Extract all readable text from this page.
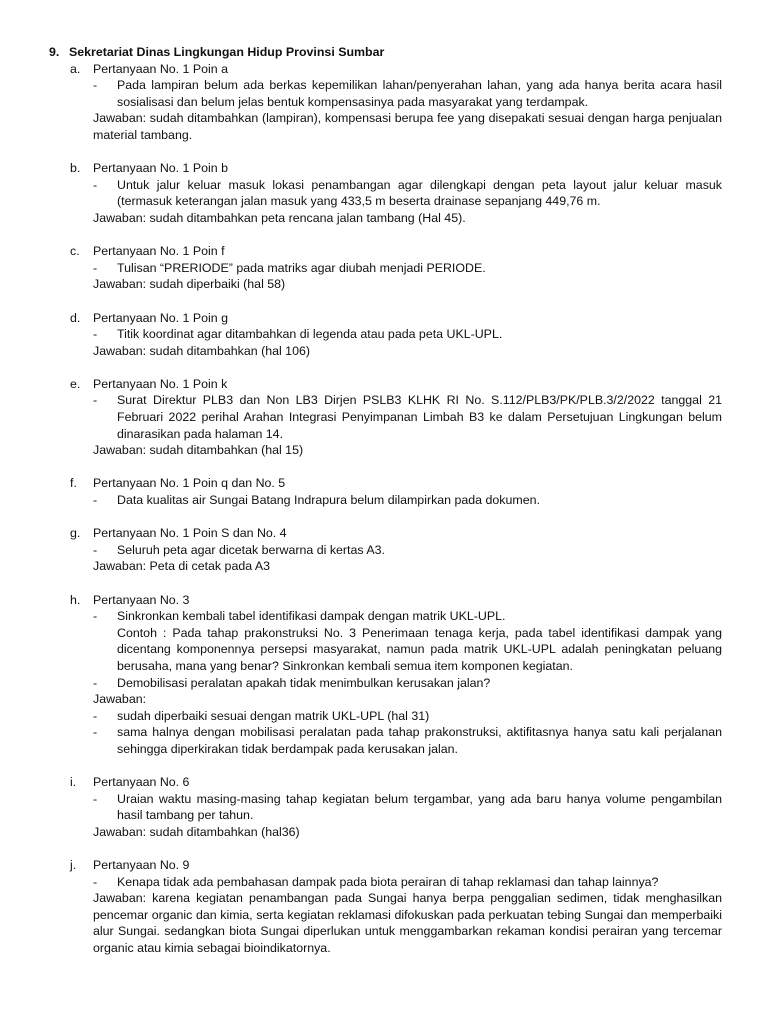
9. Sekretariat Dinas Lingkungan Hidup Provinsi Sumbar
a.	Pertanyaan No. 1 Poin a
-	Pada lampiran belum ada berkas kepemilikan lahan/penyerahan lahan, yang ada hanya berita acara hasil sosialisasi dan belum jelas bentuk kompensasinya pada masyarakat yang terdampak.
Jawaban: sudah ditambahkan (lampiran), kompensasi berupa fee yang disepakati sesuai dengan harga penjualan material tambang.
b.	Pertanyaan No. 1 Poin b
-	Untuk jalur keluar masuk lokasi penambangan agar dilengkapi dengan peta layout jalur keluar masuk (termasuk keterangan jalan masuk yang 433,5 m beserta drainase sepanjang 449,76 m.
Jawaban: sudah ditambahkan peta rencana jalan tambang (Hal 45).
c.	Pertanyaan No. 1 Poin f
-	Tulisan “PRERIODE” pada matriks agar diubah menjadi PERIODE.
Jawaban: sudah diperbaiki (hal 58)
d.	Pertanyaan No. 1 Poin g
-	Titik koordinat agar ditambahkan di legenda atau pada peta UKL-UPL.
Jawaban: sudah ditambahkan (hal 106)
e.	Pertanyaan No. 1 Poin k
-	Surat Direktur PLB3 dan Non LB3 Dirjen PSLB3 KLHK RI No. S.112/PLB3/PK/PLB.3/2/2022 tanggal 21 Februari 2022 perihal Arahan Integrasi Penyimpanan Limbah B3 ke dalam Persetujuan Lingkungan belum dinarasikan pada halaman 14.
Jawaban: sudah ditambahkan (hal 15)
f.	Pertanyaan No. 1 Poin q dan No. 5
-	Data kualitas air Sungai Batang Indrapura belum dilampirkan pada dokumen.
g.	Pertanyaan No. 1 Poin S dan No. 4
-	Seluruh peta agar dicetak berwarna di kertas A3.
Jawaban: Peta di cetak pada A3
h.	Pertanyaan No. 3
-	Sinkronkan kembali tabel identifikasi dampak dengan matrik UKL-UPL.
Contoh : Pada tahap prakonstruksi No. 3 Penerimaan tenaga kerja, pada tabel identifikasi dampak yang dicentang komponennya persepsi masyarakat, namun pada matrik UKL-UPL adalah peningkatan peluang berusaha, mana yang benar? Sinkronkan kembali semua item komponen kegiatan.
-	Demobilisasi peralatan apakah tidak menimbulkan kerusakan jalan?
Jawaban:
-	sudah diperbaiki sesuai dengan matrik UKL-UPL (hal 31)
-	sama halnya dengan mobilisasi peralatan pada tahap prakonstruksi, aktifitasnya hanya satu kali perjalanan sehingga diperkirakan tidak berdampak pada kerusakan jalan.
i.	Pertanyaan No. 6
-	Uraian waktu masing-masing tahap kegiatan belum tergambar, yang ada baru hanya volume pengambilan hasil tambang per tahun.
Jawaban: sudah ditambahkan (hal36)
j.	Pertanyaan No. 9
-	Kenapa tidak ada pembahasan dampak pada biota perairan di tahap reklamasi dan tahap lainnya?
Jawaban: karena kegiatan penambangan pada Sungai hanya berpa penggalian sedimen, tidak menghasilkan pencemar organic dan kimia, serta kegiatan reklamasi difokuskan pada perkuatan tebing Sungai dan memperbaiki alur Sungai. sedangkan biota Sungai diperlukan untuk menggambarkan rekaman kondisi perairan yang tercemar organic atau kimia sebagai bioindikatornya.
